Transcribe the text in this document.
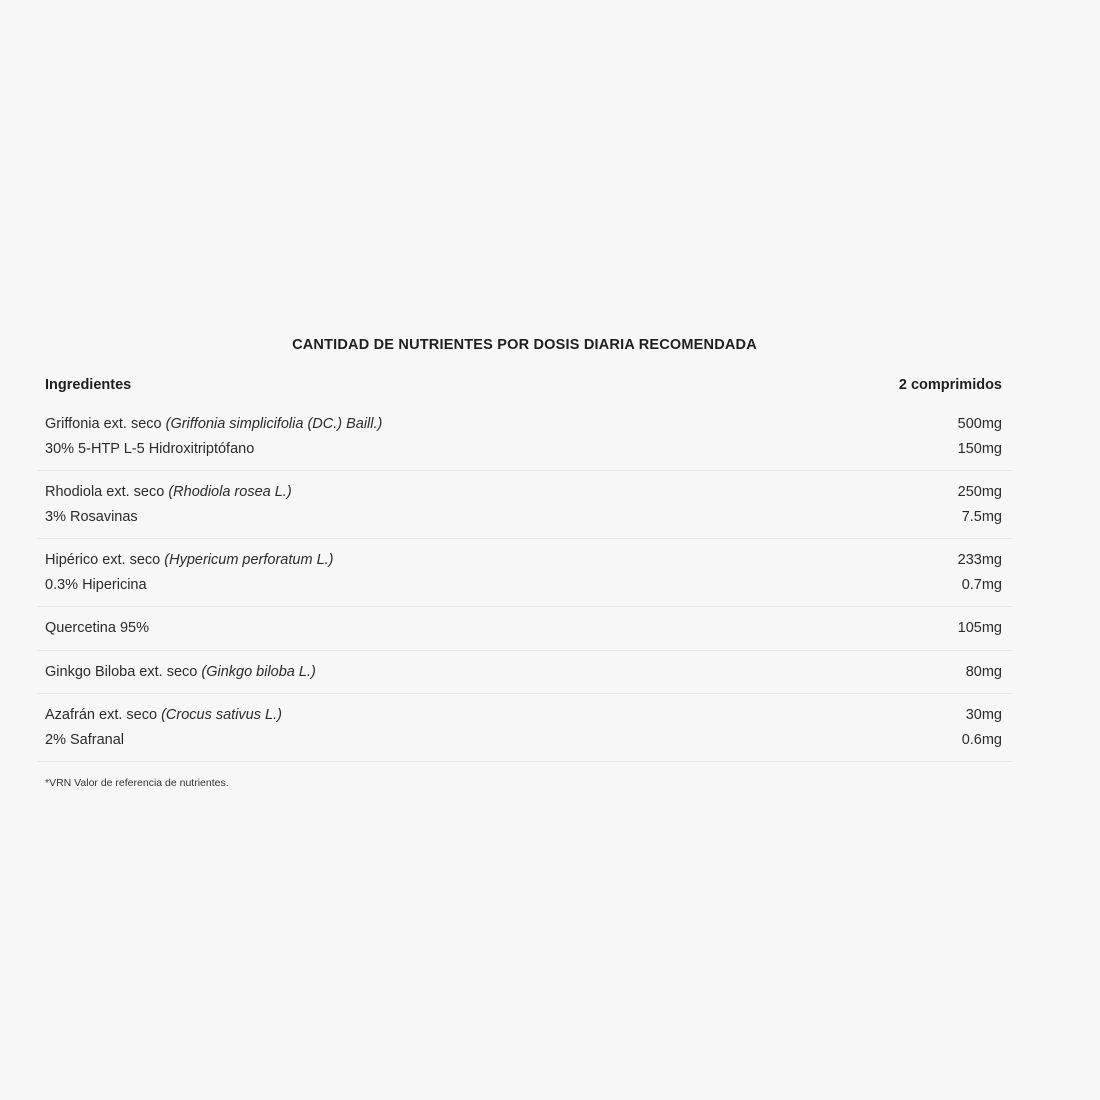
CANTIDAD DE NUTRIENTES POR DOSIS DIARIA RECOMENDADA
Ingredientes	2 comprimidos
Griffonia ext. seco (Griffonia simplicifolia (DC.) Baill.)	500mg
30% 5-HTP L-5 Hidroxitriptófano	150mg
Rhodiola ext. seco (Rhodiola rosea L.)	250mg
3% Rosavinas	7.5mg
Hipérico ext. seco (Hypericum perforatum L.)	233mg
0.3% Hipericina	0.7mg
Quercetina 95%	105mg
Ginkgo Biloba ext. seco (Ginkgo biloba L.)	80mg
Azafrán ext. seco (Crocus sativus L.)	30mg
2% Safranal	0.6mg
*VRN Valor de referencia de nutrientes.
